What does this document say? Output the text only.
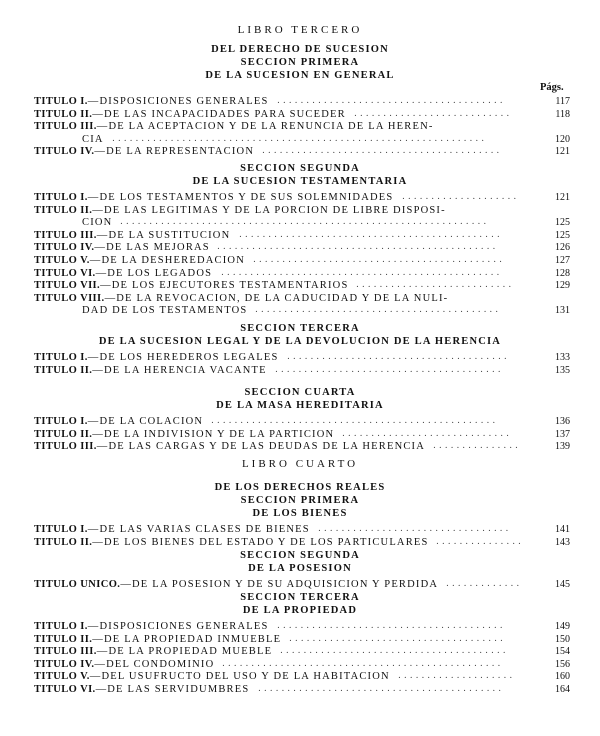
LIBRO TERCERO
DEL DERECHO DE SUCESION
SECCION PRIMERA
DE LA SUCESION EN GENERAL
Págs.
TITULO I.—DISPOSICIONES GENERALES .......................................	117
TITULO II.—DE LAS INCAPACIDADES PARA SUCEDER ...........................	118
TITULO III.—DE LA ACEPTACION Y DE LA RENUNCIA DE LA HEREN-
CIA ................................................................	120
TITULO IV.—DE LA REPRESENTACION .........................................	121
SECCION SEGUNDA
DE LA SUCESION TESTAMENTARIA
TITULO I.—DE LOS TESTAMENTOS Y DE SUS SOLEMNIDADES ....................	121
TITULO II.—DE LAS LEGITIMAS Y DE LA PORCION DE LIBRE DISPOSI-
CION ...............................................................	125
TITULO III.—DE LA SUSTITUCION .............................................	125
TITULO IV.—DE LAS MEJORAS ................................................	126
TITULO V.—DE LA DESHEREDACION ...........................................	127
TITULO VI.—DE LOS LEGADOS ................................................	128
TITULO VII.—DE LOS EJECUTORES TESTAMENTARIOS ...........................	129
TITULO VIII.—DE LA REVOCACION, DE LA CADUCIDAD Y DE LA NULI-
DAD DE LOS TESTAMENTOS ..........................................	131
SECCION TERCERA
DE LA SUCESION LEGAL Y DE LA DEVOLUCION DE LA HERENCIA
TITULO I.—DE LOS HEREDEROS LEGALES ......................................	133
TITULO II.—DE LA HERENCIA VACANTE .......................................	135
SECCION CUARTA
DE LA MASA HEREDITARIA
TITULO I.—DE LA COLACION .................................................	136
TITULO II.—DE LA INDIVISION Y DE LA PARTICION .............................	137
TITULO III.—DE LAS CARGAS Y DE LAS DEUDAS DE LA HERENCIA ...............	139
LIBRO CUARTO
DE LOS DERECHOS REALES
SECCION PRIMERA
DE LOS BIENES
TITULO I.—DE LAS VARIAS CLASES DE BIENES .................................	141
TITULO II.—DE LOS BIENES DEL ESTADO Y DE LOS PARTICULARES ...............	143
SECCION SEGUNDA
DE LA POSESION
TITULO UNICO.—DE LA POSESION Y DE SU ADQUISICION Y PERDIDA .............	145
SECCION TERCERA
DE LA PROPIEDAD
TITULO I.—DISPOSICIONES GENERALES .......................................	149
TITULO II.—DE LA PROPIEDAD INMUEBLE .....................................	150
TITULO III.—DE LA PROPIEDAD MUEBLE .......................................	154
TITULO IV.—DEL CONDOMINIO ................................................	156
TITULO V.—DEL USUFRUCTO DEL USO Y DE LA HABITACION ....................	160
TITULO VI.—DE LAS SERVIDUMBRES ..........................................	164
